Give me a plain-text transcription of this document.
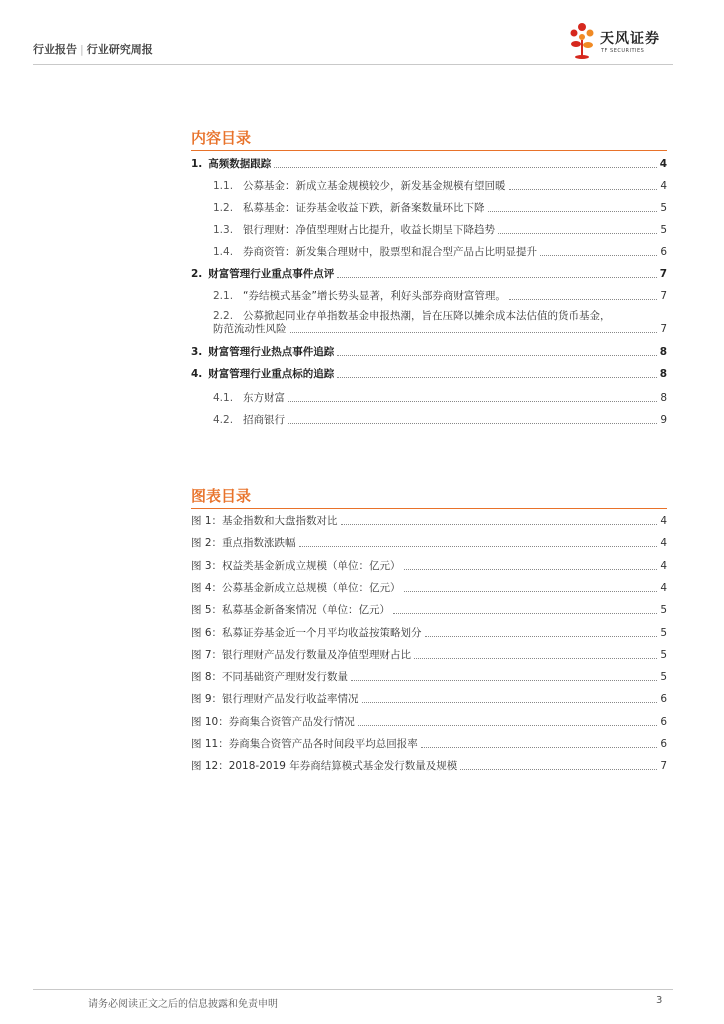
行业报告 | 行业研究周报
天风证券
TF SECURITIES
内容目录
1. 高频数据跟踪	4
1.1. 公募基金：新成立基金规模较少，新发基金规模有望回暖	4
1.2. 私募基金：证券基金收益下跌，新备案数量环比下降	5
1.3. 银行理财：净值型理财占比提升，收益长期呈下降趋势	5
1.4. 券商资管：新发集合理财中，股票型和混合型产品占比明显提升	6
2. 财富管理行业重点事件点评	7
2.1. “券结模式基金”增长势头显著，利好头部券商财富管理。	7
2.2. 公募掀起同业存单指数基金申报热潮，旨在压降以摊余成本法估值的货币基金，
防范流动性风险	7
3. 财富管理行业热点事件追踪	8
4. 财富管理行业重点标的追踪	8
4.1. 东方财富	8
4.2. 招商银行	9
图表目录
图 1：基金指数和大盘指数对比	4
图 2：重点指数涨跌幅	4
图 3：权益类基金新成立规模（单位：亿元）	4
图 4：公募基金新成立总规模（单位：亿元）	4
图 5：私募基金新备案情况（单位：亿元）	5
图 6：私募证券基金近一个月平均收益按策略划分	5
图 7：银行理财产品发行数量及净值型理财占比	5
图 8：不同基础资产理财发行数量	5
图 9：银行理财产品发行收益率情况	6
图 10：券商集合资管产品发行情况	6
图 11：券商集合资管产品各时间段平均总回报率	6
图 12：2018-2019 年券商结算模式基金发行数量及规模	7
请务必阅读正文之后的信息披露和免责申明	3
